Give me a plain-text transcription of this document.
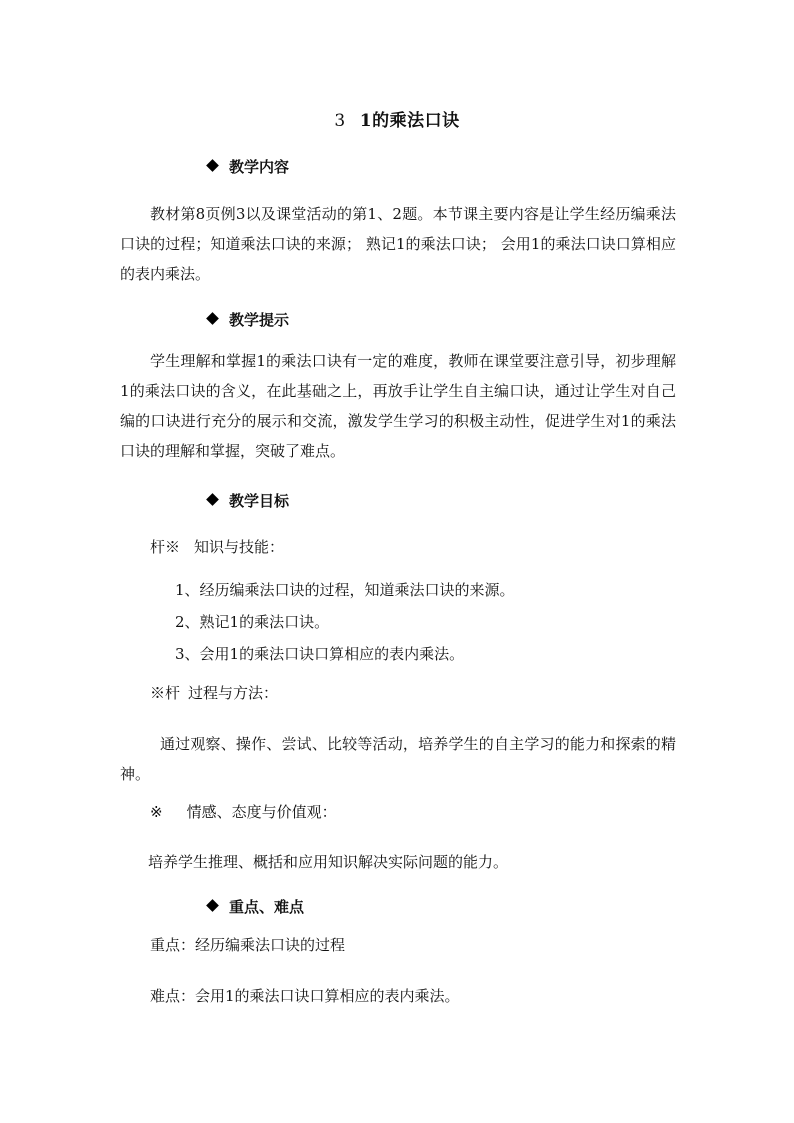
3 1的乘法口诀
教学内容
教材第8页例3以及课堂活动的第1、2题。本节课主要内容是让学生经历编乘法口诀的过程；知道乘法口诀的来源； 熟记1的乘法口诀； 会用1的乘法口诀口算相应的表内乘法。
教学提示
学生理解和掌握1的乘法口诀有一定的难度，教师在课堂要注意引导，初步理解1的乘法口诀的含义，在此基础之上，再放手让学生自主编口诀，通过让学生对自己编的口诀进行充分的展示和交流，激发学生学习的积极主动性，促进学生对1的乘法口诀的理解和掌握，突破了难点。
教学目标
杆※ 知识与技能：
1、经历编乘法口诀的过程，知道乘法口诀的来源。
2、熟记1的乘法口诀。
3、会用1的乘法口诀口算相应的表内乘法。
※杆 过程与方法：
通过观察、操作、尝试、比较等活动，培养学生的自主学习的能力和探索的精神。
※ 情感、态度与价值观：
培养学生推理、概括和应用知识解决实际问题的能力。
重点、难点
重点：经历编乘法口诀的过程
难点：会用1的乘法口诀口算相应的表内乘法。
